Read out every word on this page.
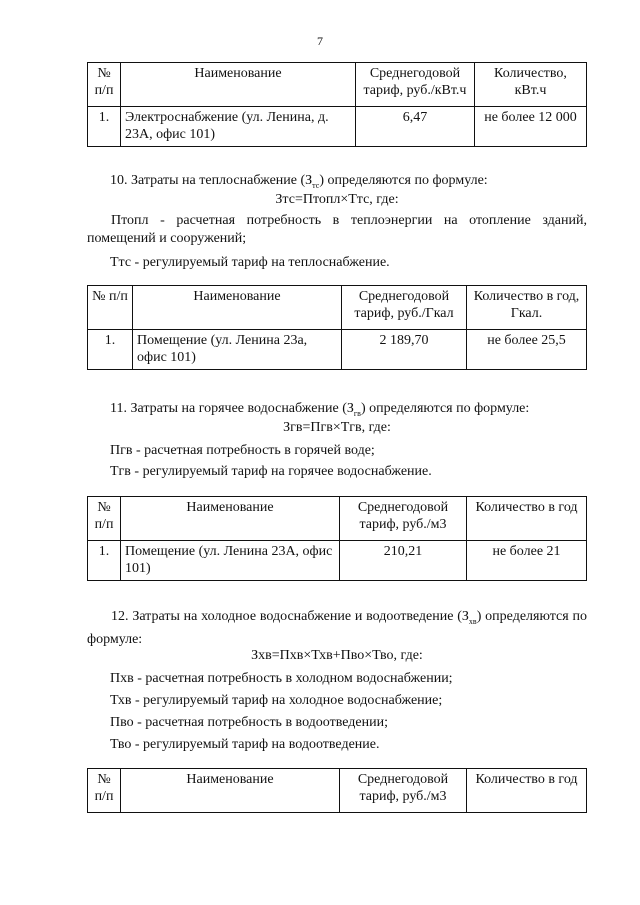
7
№ п/п	Наименование	Среднегодовой тариф, руб./кВт.ч	Количество, кВт.ч
1.	Электроснабжение (ул. Ленина, д. 23А, офис 101)	6,47	не более 12 000
10. Затраты на теплоснабжение $(З_{тс})$ определяются по формуле:
Зтс=Птопл×Ттс, где:
Птопл - расчетная потребность в теплоэнергии на отопление зданий, помещений и сооружений;
Ттс - регулируемый тариф на теплоснабжение.
№ п/п	Наименование	Среднегодовой тариф, руб./Гкал	Количество в год, Гкал.
1.	Помещение (ул. Ленина 23а, офис 101)	2 189,70	не более 25,5
11. Затраты на горячее водоснабжение $(З_{гв})$ определяются по формуле:
Згв=Пгв×Тгв, где:
Пгв - расчетная потребность в горячей воде;
Тгв - регулируемый тариф на горячее водоснабжение.
№ п/п	Наименование	Среднегодовой тариф, руб./м3	Количество в год
1.	Помещение (ул. Ленина 23А, офис 101)	210,21	не более 21
12. Затраты на холодное водоснабжение и водоотведение $(З_{хв})$ определяются по формуле:
Зхв=Пхв×Тхв+Пво×Тво, где:
Пхв - расчетная потребность в холодном водоснабжении;
Тхв - регулируемый тариф на холодное водоснабжение;
Пво - расчетная потребность в водоотведении;
Тво - регулируемый тариф на водоотведение.
№ п/п	Наименование	Среднегодовой тариф, руб./м3	Количество в год
